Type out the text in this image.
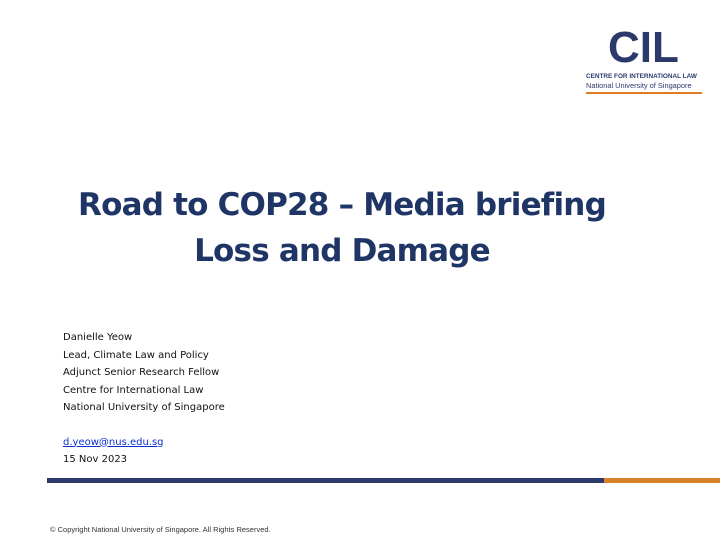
CIL
CENTRE FOR INTERNATIONAL LAW
National University of Singapore
Road to COP28 – Media briefing
Loss and Damage
Danielle Yeow
Lead, Climate Law and Policy
Adjunct Senior Research Fellow
Centre for International Law
National University of Singapore
d.yeow@nus.edu.sg
15 Nov 2023
© Copyright National University of Singapore. All Rights Reserved.
